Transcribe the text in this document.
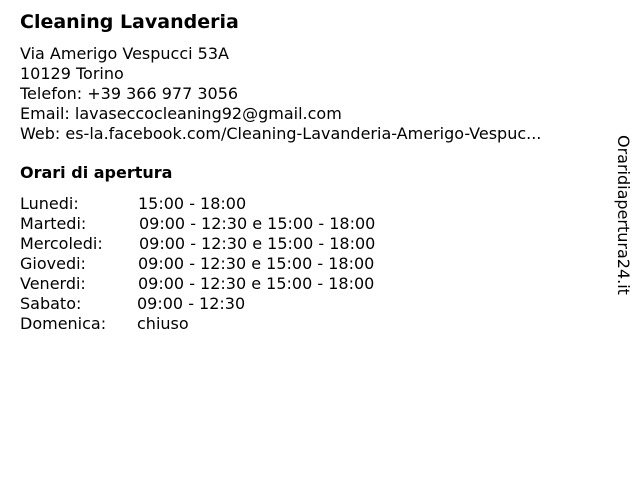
Cleaning Lavanderia
Via Amerigo Vespucci 53A
10129 Torino
Telefon: +39 366 977 3056
Email: lavaseccocleaning92@gmail.com
Web: es-la.facebook.com/Cleaning-Lavanderia-Amerigo-Vespuc...
Orari di apertura
Lunedi:	15:00 - 18:00
Martedi:	09:00 - 12:30 e 15:00 - 18:00
Mercoledi: 09:00 - 12:30 e 15:00 - 18:00
Giovedi:	09:00 - 12:30 e 15:00 - 18:00
Venerdi:	09:00 - 12:30 e 15:00 - 18:00
Sabato:	09:00 - 12:30
Domenica: chiuso
Oraridiapertura24.it
